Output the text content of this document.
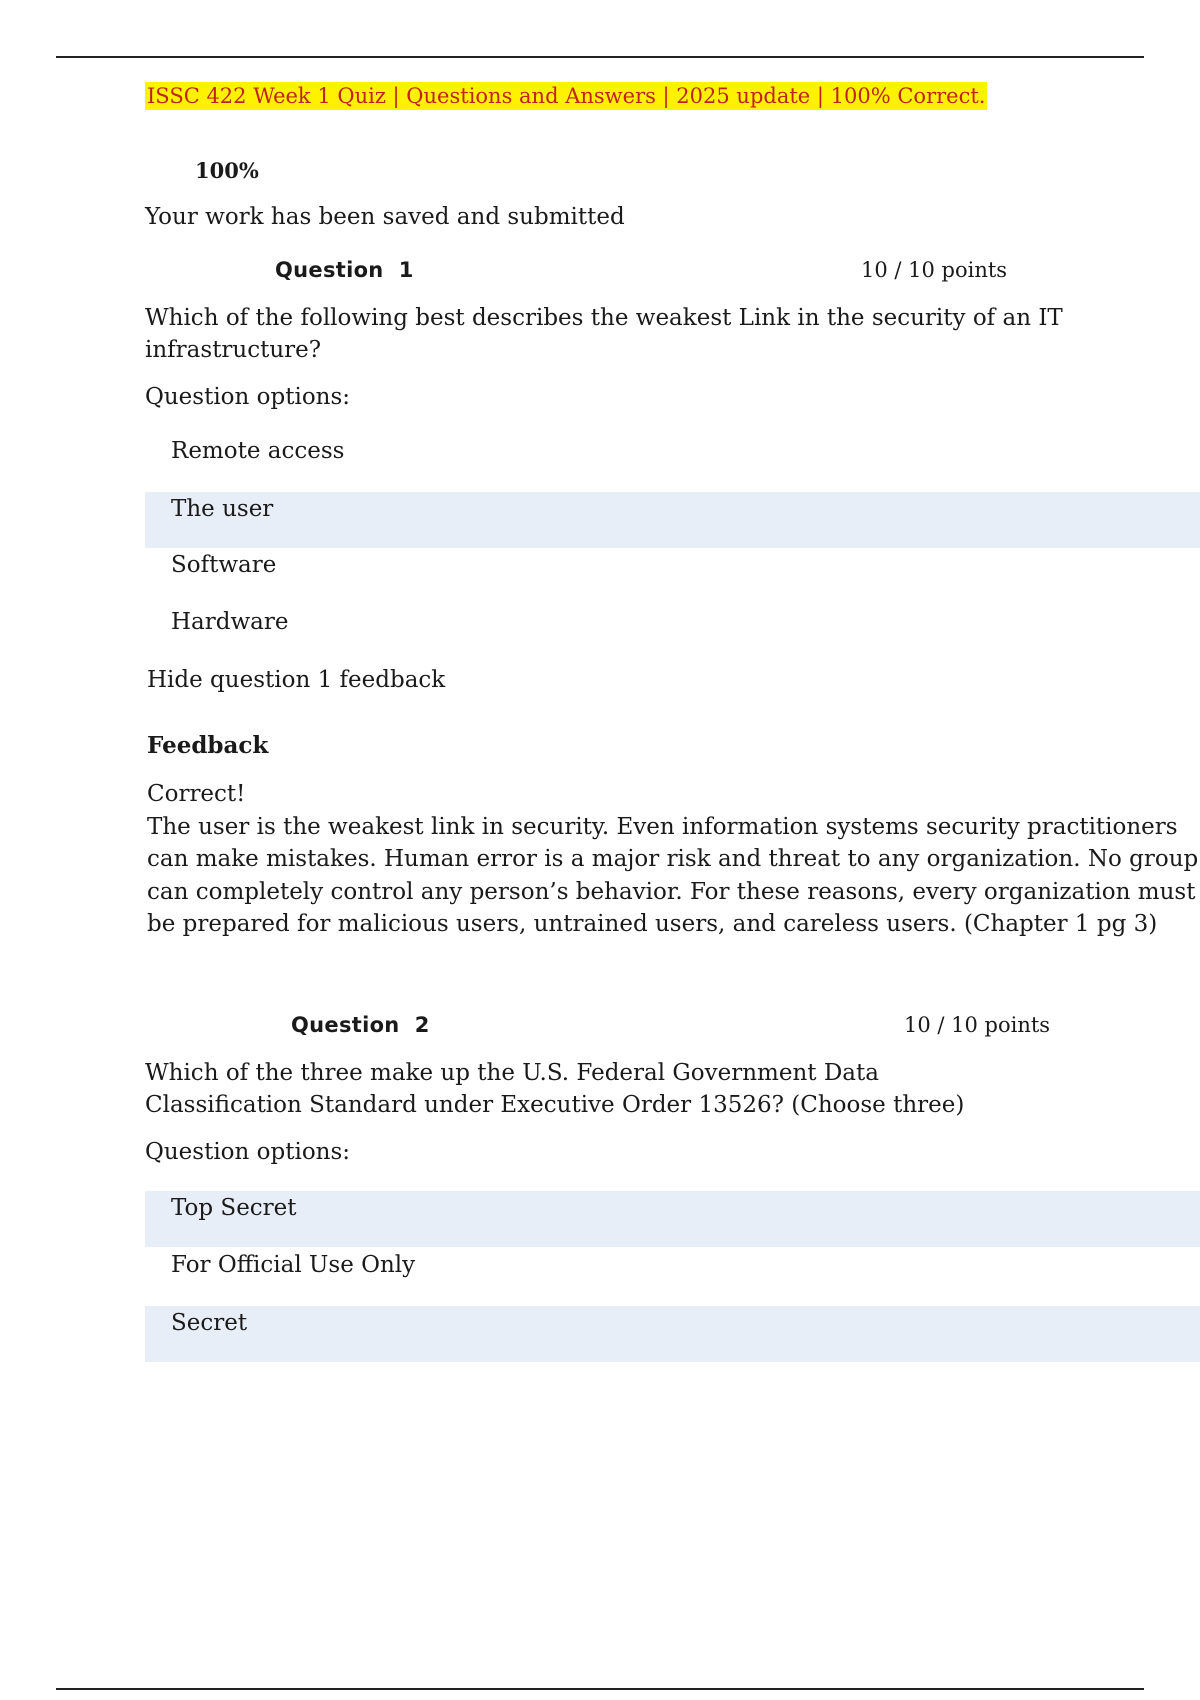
ISSC 422 Week 1 Quiz | Questions and Answers | 2025 update | 100% Correct.
100%
Your work has been saved and submitted
Question 1	10 / 10 points
Which of the following best describes the weakest Link in the security of an IT infrastructure?
Question options:
Remote access
The user
Software
Hardware
Hide question 1 feedback
Feedback
Correct!
The user is the weakest link in security. Even information systems security practitioners
can make mistakes. Human error is a major risk and threat to any organization. No group
can completely control any person’s behavior. For these reasons, every organization must
be prepared for malicious users, untrained users, and careless users. (Chapter 1 pg 3)
Question 2	10 / 10 points
Which of the three make up the U.S. Federal Government Data Classification Standard under Executive Order 13526? (Choose three)
Question options:
Top Secret
For Official Use Only
Secret
